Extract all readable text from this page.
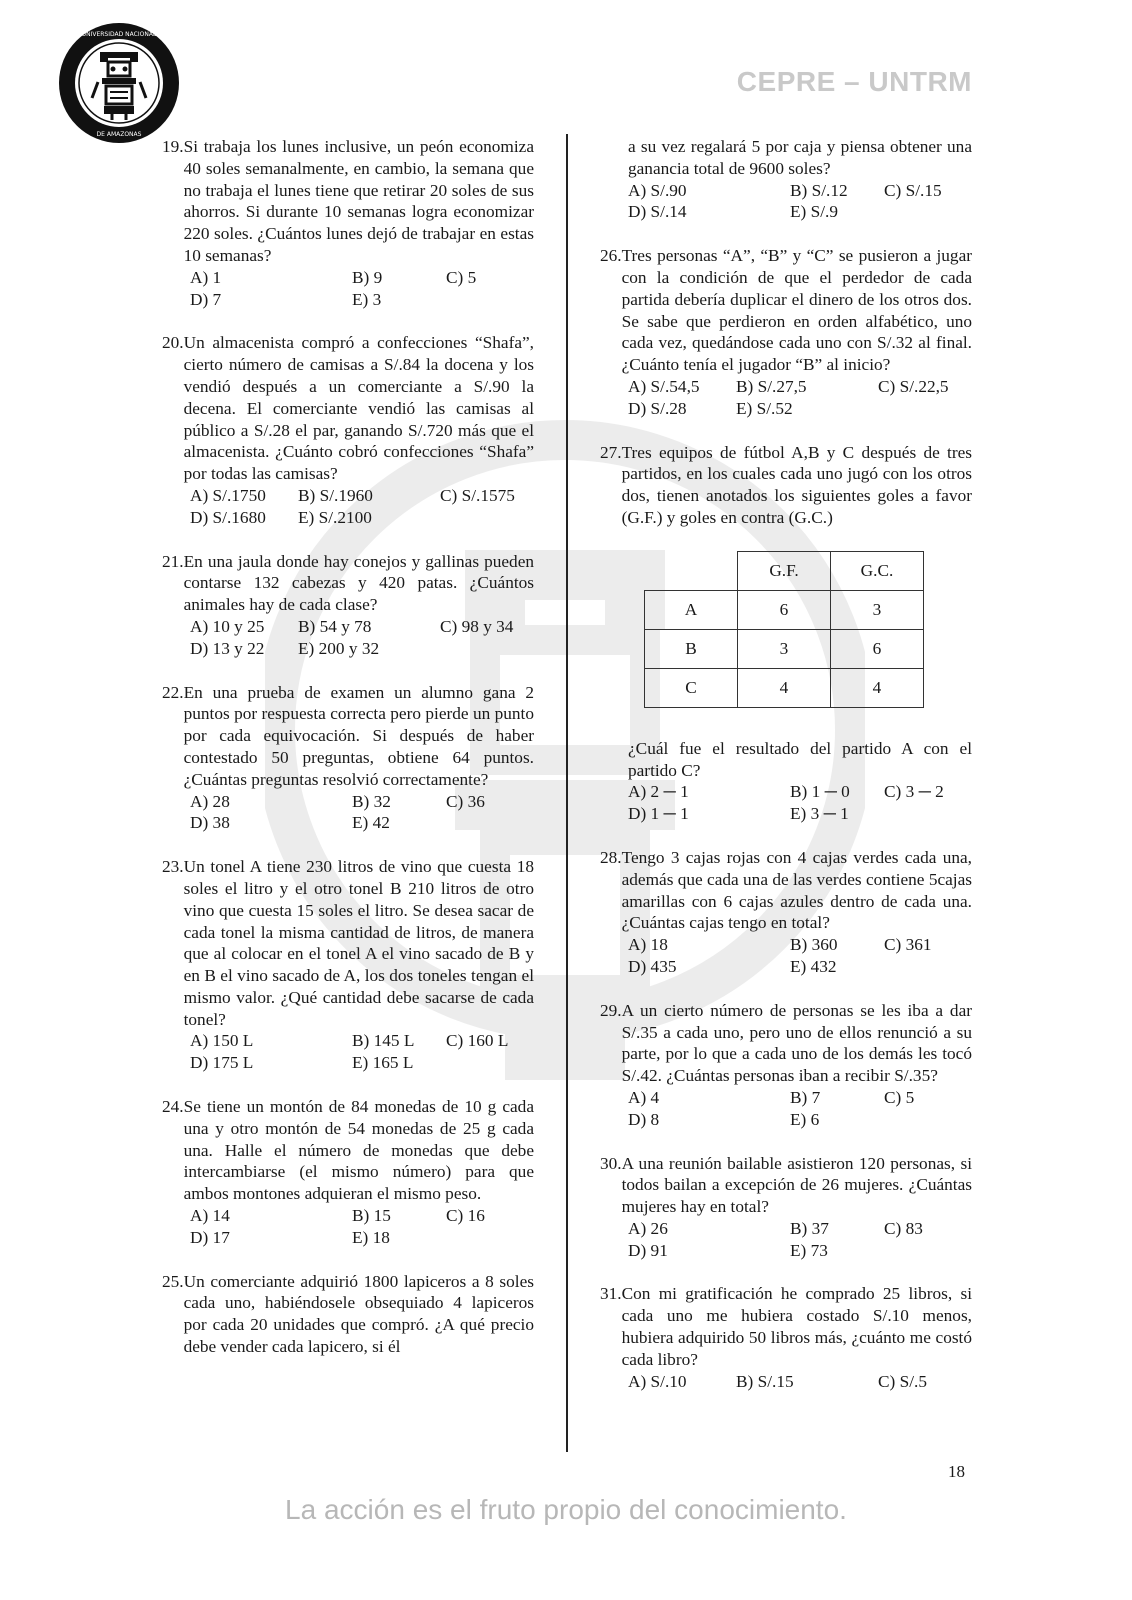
UNIVERSIDAD NACIONAL
DE AMAZONAS
CEPRE – UNTRM
19. Si trabaja los lunes inclusive, un peón economiza 40 soles semanalmente, en cambio, la semana que no trabaja el lunes tiene que retirar 20 soles de sus ahorros. Si durante 10 semanas logra economizar 220 soles. ¿Cuántos lunes dejó de trabajar en estas 10 semanas?
A) 1	B) 9	C) 5
D) 7	E) 3
20. Un almacenista compró a confecciones “Shafa”, cierto número de camisas a S/.84 la docena y los vendió después a un comerciante a S/.90 la decena. El comerciante vendió las camisas al público a S/.28 el par, ganando S/.720 más que el almacenista. ¿Cuánto cobró confecciones “Shafa” por todas las camisas?
A) S/.1750	B) S/.1960	C) S/.1575
D) S/.1680	E) S/.2100
21. En una jaula donde hay conejos y gallinas pueden contarse 132 cabezas y 420 patas. ¿Cuántos animales hay de cada clase?
A) 10 y 25	B) 54 y 78	C) 98 y 34
D) 13 y 22	E) 200 y 32
22. En una prueba de examen un alumno gana 2 puntos por respuesta correcta pero pierde un punto por cada equivocación. Si después de haber contestado 50 preguntas, obtiene 64 puntos. ¿Cuántas preguntas resolvió correctamente?
A) 28	B) 32	C) 36
D) 38	E) 42
23. Un tonel A tiene 230 litros de vino que cuesta 18 soles el litro y el otro tonel B 210 litros de otro vino que cuesta 15 soles el litro. Se desea sacar de cada tonel la misma cantidad de litros, de manera que al colocar en el tonel A el vino sacado de B y en B el vino sacado de A, los dos toneles tengan el mismo valor. ¿Qué cantidad debe sacarse de cada tonel?
A) 150 L	B) 145 L	C) 160 L
D) 175 L	E) 165 L
24. Se tiene un montón de 84 monedas de 10 g cada una y otro montón de 54 monedas de 25 g cada una. Halle el número de monedas que debe intercambiarse (el mismo número) para que ambos montones adquieran el mismo peso.
A) 14	B) 15	C) 16
D) 17	E) 18
25. Un comerciante adquirió 1800 lapiceros a 8 soles cada uno, habiéndosele obsequiado 4 lapiceros por cada 20 unidades que compró. ¿A qué precio debe vender cada lapicero, si él
a su vez regalará 5 por caja y piensa obtener una ganancia total de 9600 soles?
A) S/.90	B) S/.12	C) S/.15
D) S/.14	E) S/.9
26. Tres personas “A”, “B” y “C” se pusieron a jugar con la condición de que el perdedor de cada partida debería duplicar el dinero de los otros dos. Se sabe que perdieron en orden alfabético, uno cada vez, quedándose cada uno con S/.32 al final. ¿Cuánto tenía el jugador “B” al inicio?
A) S/.54,5	B) S/.27,5	C) S/.22,5
D) S/.28	E) S/.52
27. Tres equipos de fútbol A,B y C después de tres partidos, en los cuales cada uno jugó con los otros dos, tienen anotados los siguientes goles a favor (G.F.) y goles en contra (G.C.)
	G.F.	G.C.
A	6	3
B	3	6
C	4	4
¿Cuál fue el resultado del partido A con el partido C?
A) 2 ─ 1	B) 1 ─ 0	C) 3 ─ 2
D) 1 ─ 1	E) 3 ─ 1
28. Tengo 3 cajas rojas con 4 cajas verdes cada una, además que cada una de las verdes contiene 5cajas amarillas con 6 cajas azules dentro de cada una. ¿Cuántas cajas tengo en total?
A) 18	B) 360	C) 361
D) 435	E) 432
29. A un cierto número de personas se les iba a dar S/.35 a cada uno, pero uno de ellos renunció a su parte, por lo que a cada uno de los demás les tocó S/.42. ¿Cuántas personas iban a recibir S/.35?
A) 4	B) 7	C) 5
D) 8	E) 6
30. A una reunión bailable asistieron 120 personas, si todos bailan a excepción de 26 mujeres. ¿Cuántas mujeres hay en total?
A) 26	B) 37	C) 83
D) 91	E) 73
31. Con mi gratificación he comprado 25 libros, si cada uno me hubiera costado S/.10 menos, hubiera adquirido 50 libros más, ¿cuánto me costó cada libro?
A) S/.10	B) S/.15	C) S/.5
18
La acción es el fruto propio del conocimiento.
